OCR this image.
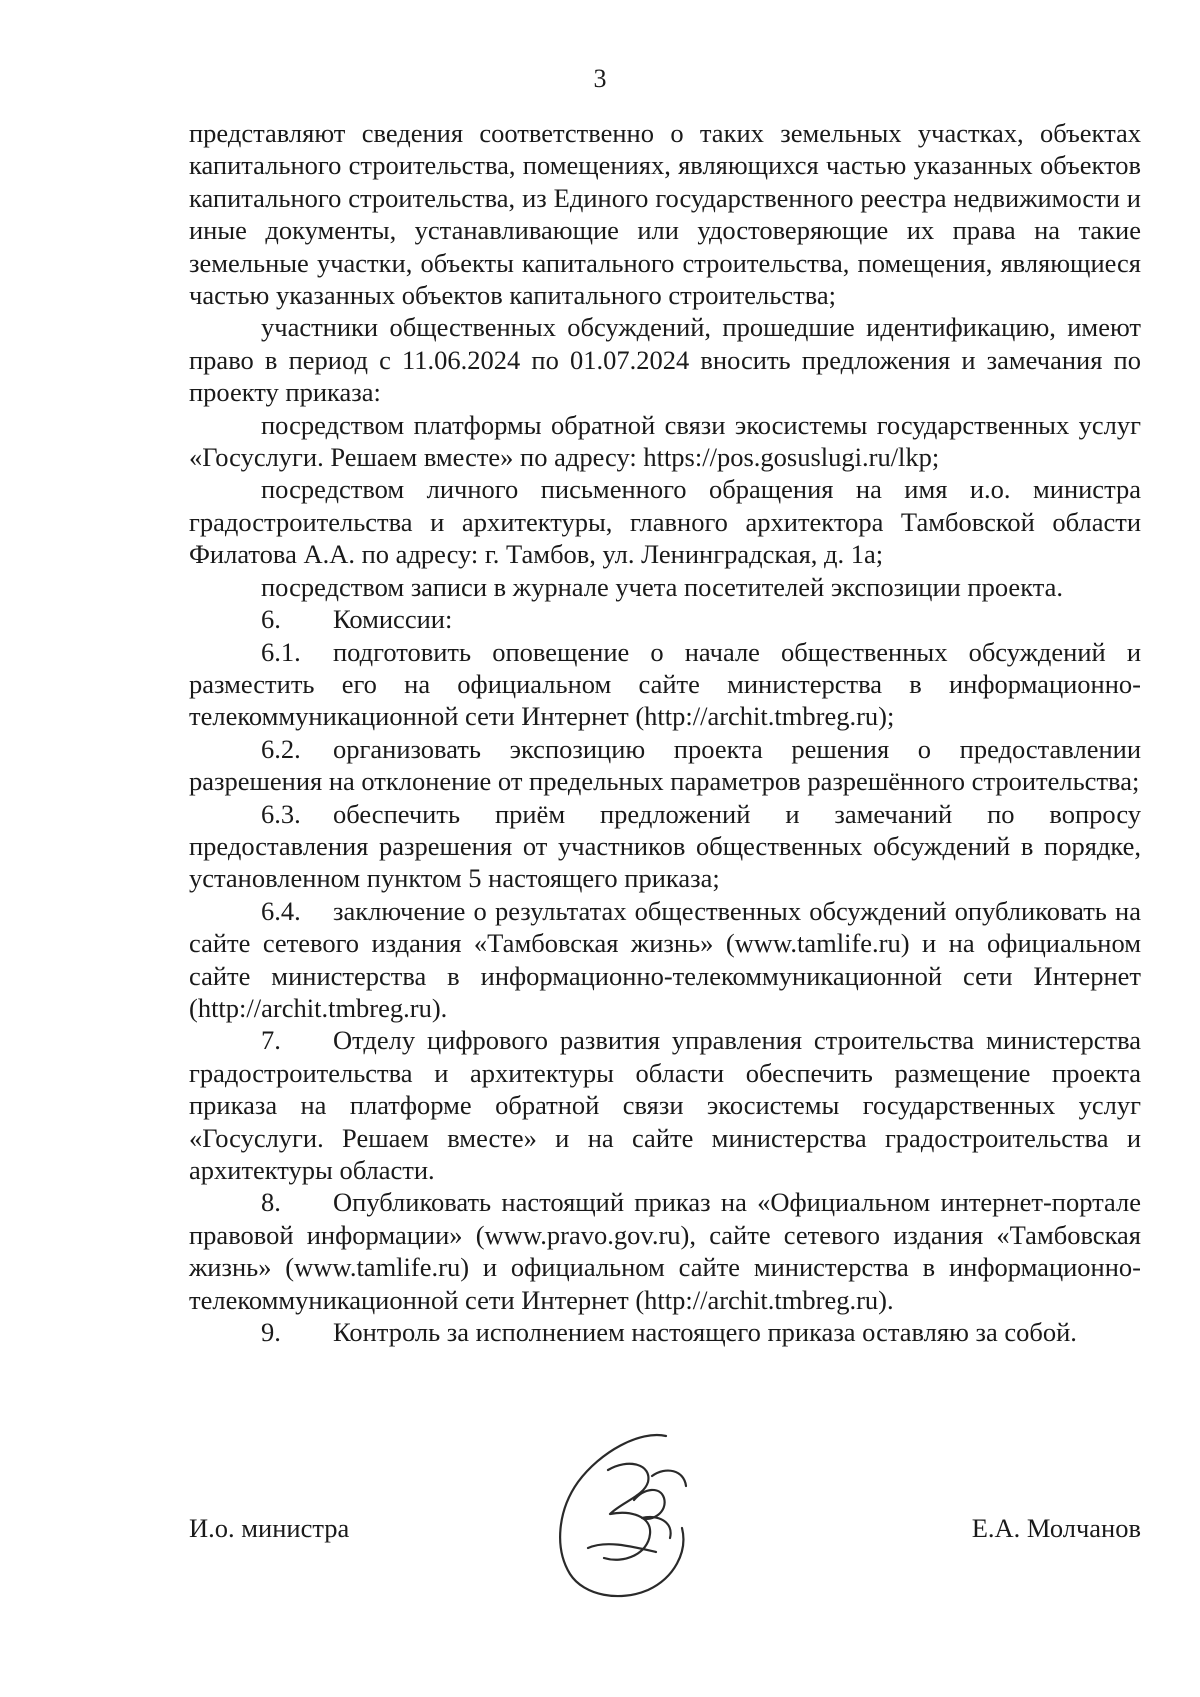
3

представляют сведения соответственно о таких земельных участках, объектах капитального строительства, помещениях, являющихся частью указанных объектов капитального строительства, из Единого государственного реестра недвижимости и иные документы, устанавливающие или удостоверяющие их права на такие земельные участки, объекты капитального строительства, помещения, являющиеся частью указанных объектов капитального строительства;

участники общественных обсуждений, прошедшие идентификацию, имеют право в период с 11.06.2024 по 01.07.2024 вносить предложения и замечания по проекту приказа:

посредством платформы обратной связи экосистемы государственных услуг «Госуслуги. Решаем вместе» по адресу: https://pos.gosuslugi.ru/lkp;

посредством личного письменного обращения на имя и.о. министра градостроительства и архитектуры, главного архитектора Тамбовской области Филатова А.А. по адресу: г. Тамбов, ул. Ленинградская, д. 1а;

посредством записи в журнале учета посетителей экспозиции проекта.

6. Комиссии:

6.1. подготовить оповещение о начале общественных обсуждений и разместить его на официальном сайте министерства в информационно-телекоммуникационной сети Интернет (http://archit.tmbreg.ru);

6.2. организовать экспозицию проекта решения о предоставлении разрешения на отклонение от предельных параметров разрешённого строительства;

6.3. обеспечить приём предложений и замечаний по вопросу предоставления разрешения от участников общественных обсуждений в порядке, установленном пунктом 5 настоящего приказа;

6.4. заключение о результатах общественных обсуждений опубликовать на сайте сетевого издания «Тамбовская жизнь» (www.tamlife.ru) и на официальном сайте министерства в информационно-телекоммуникационной сети Интернет (http://archit.tmbreg.ru).

7. Отделу цифрового развития управления строительства министерства градостроительства и архитектуры области обеспечить размещение проекта приказа на платформе обратной связи экосистемы государственных услуг «Госуслуги. Решаем вместе» и на сайте министерства градостроительства и архитектуры области.

8. Опубликовать настоящий приказ на «Официальном интернет-портале правовой информации» (www.pravo.gov.ru), сайте сетевого издания «Тамбовская жизнь» (www.tamlife.ru) и официальном сайте министерства в информационно-телекоммуникационной сети Интернет (http://archit.tmbreg.ru).

9. Контроль за исполнением настоящего приказа оставляю за собой.

И.о. министра	Е.А. Молчанов
